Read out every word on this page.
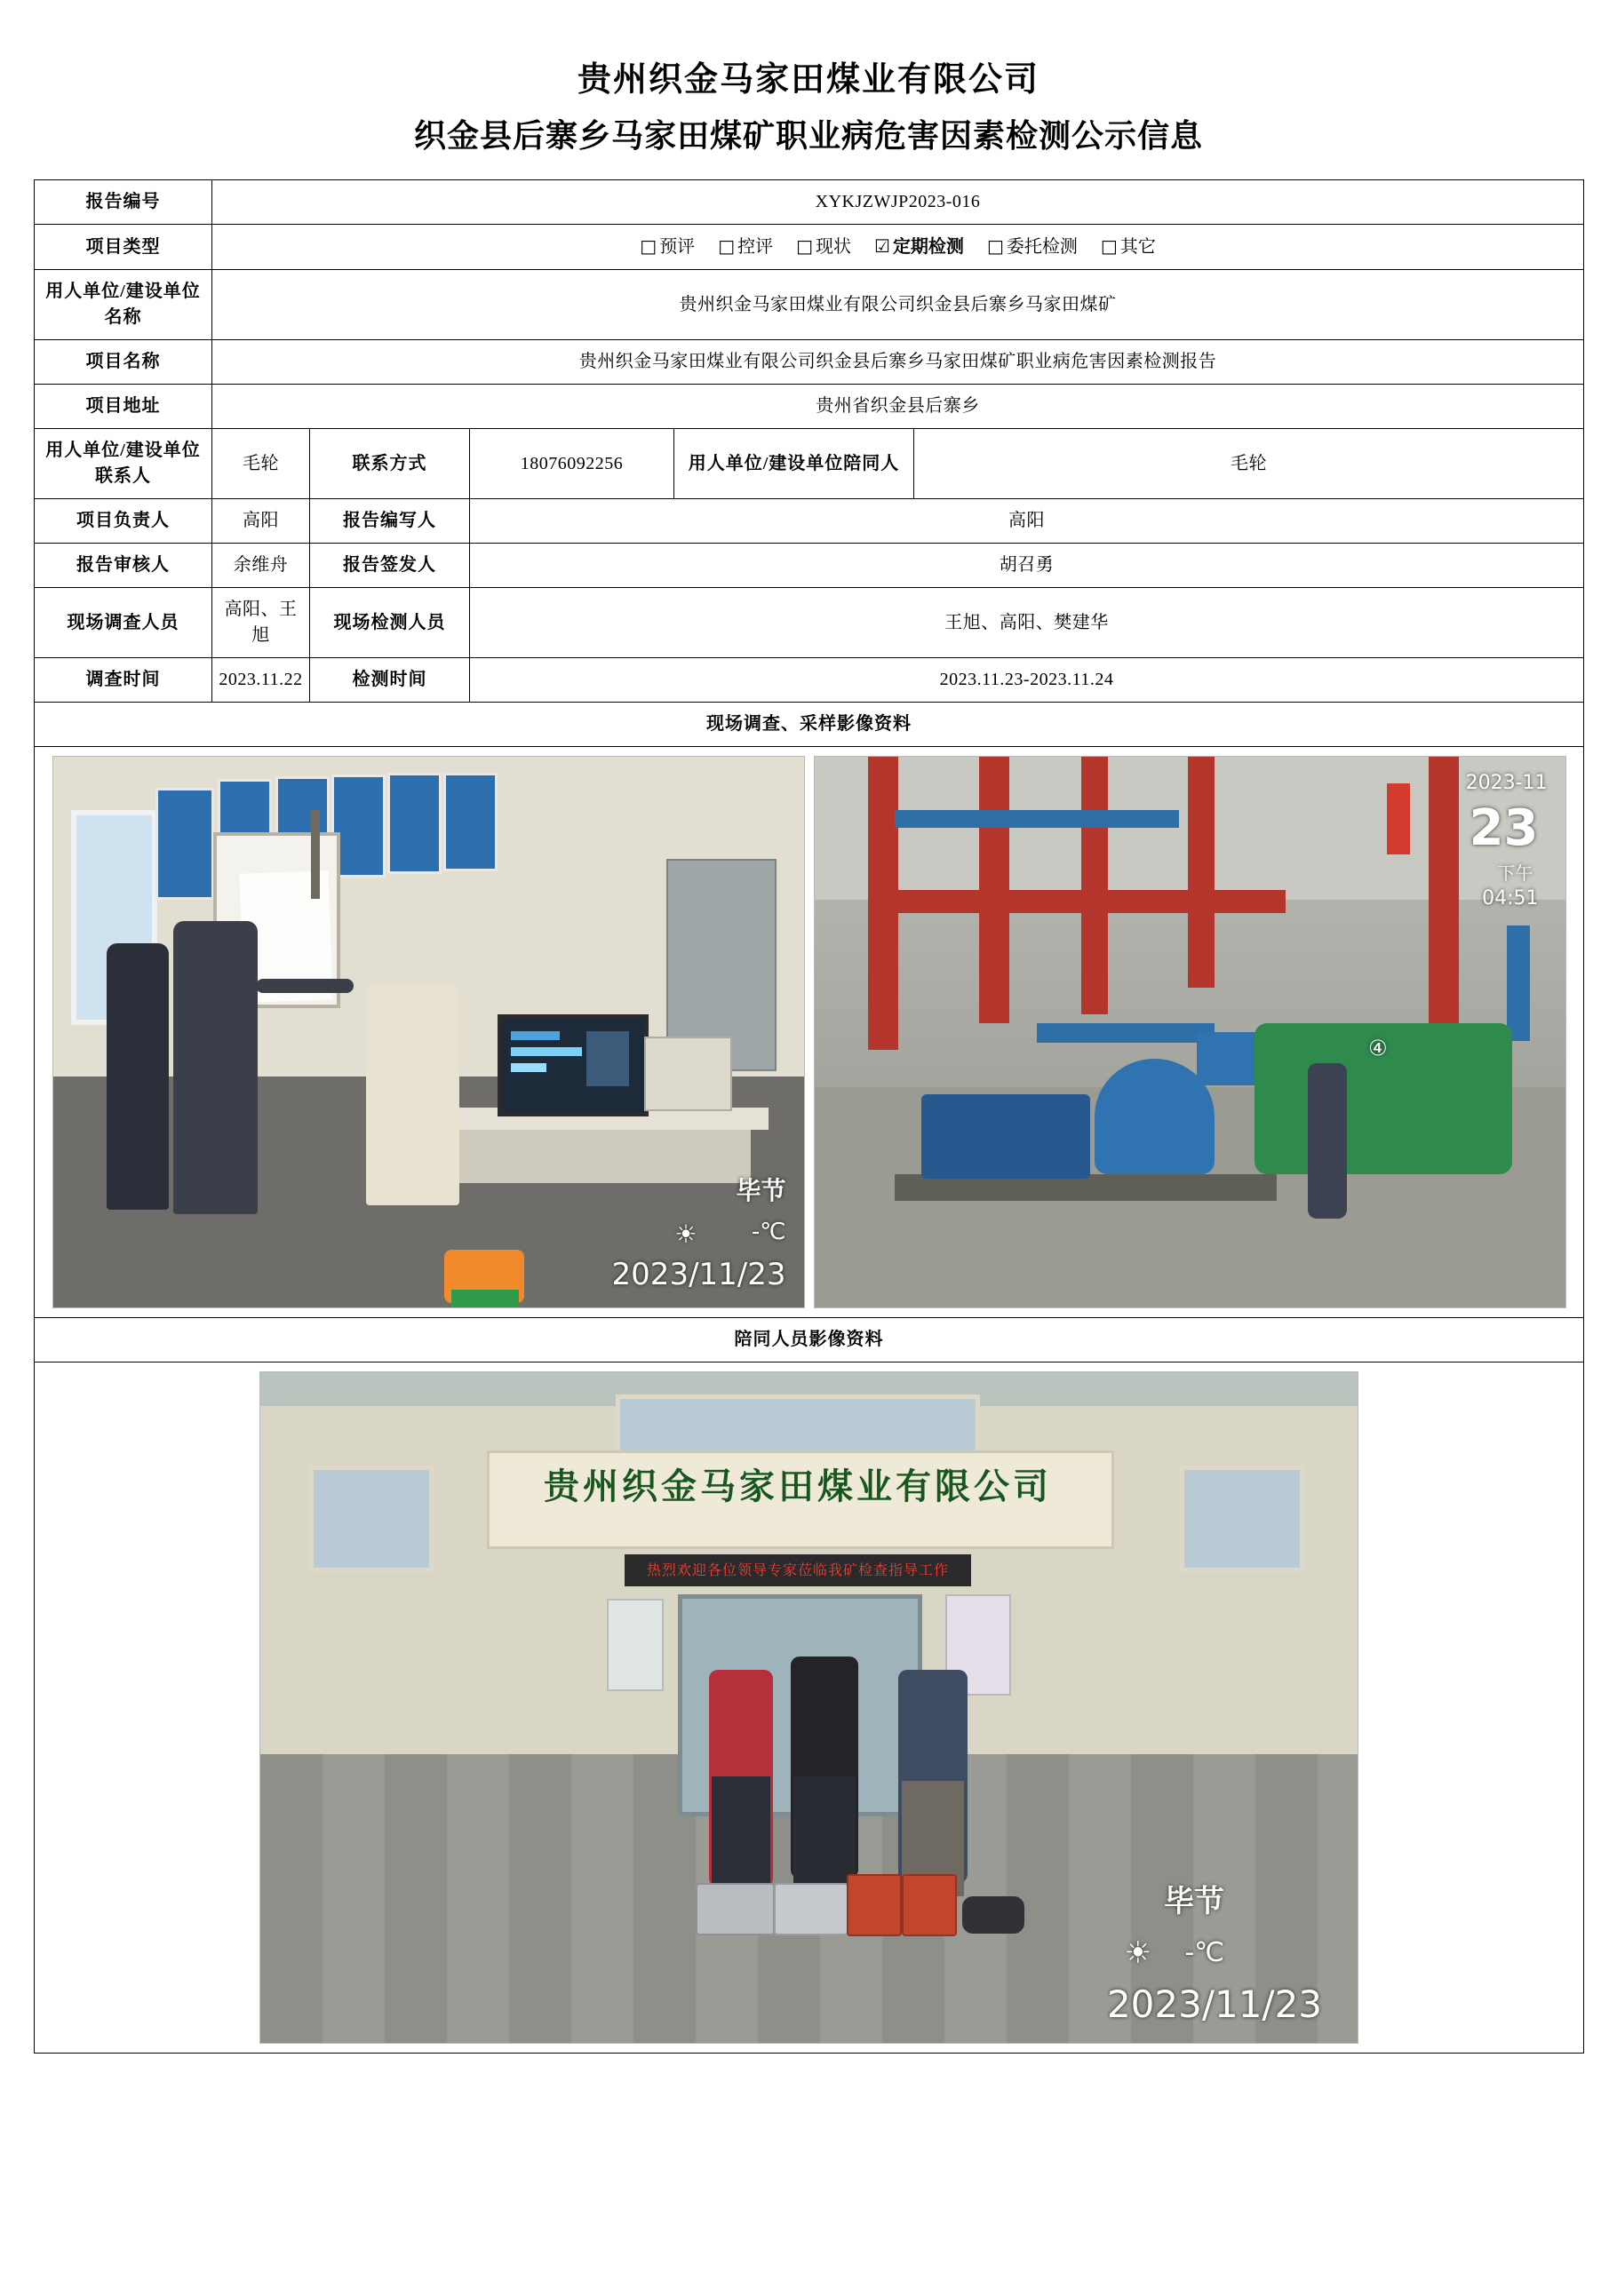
贵州织金马家田煤业有限公司
织金县后寨乡马家田煤矿职业病危害因素检测公示信息
报告编号	XYKJZWJP2023-016				
项目类型	□ 预评 □ 控评 □ 现状 ☑ 定期检测 □ 委托检测 □ 其它

用人单位/建设单位名称	贵州织金马家田煤业有限公司织金县后寨乡马家田煤矿				
项目名称	贵州织金马家田煤业有限公司织金县后寨乡马家田煤矿职业病危害因素检测报告				
项目地址	贵州省织金县后寨乡				
用人单位/建设单位联系人	毛轮	联系方式	18076092256	用人单位/建设单位陪同人	毛轮
项目负责人	高阳	报告编写人	高阳		
报告审核人	余维舟	报告签发人	胡召勇		
现场调查人员	高阳、王旭	现场检测人员	王旭、高阳、樊建华		
调查时间	2023.11.22	检测时间	2023.11.23-2023.11.24		
现场调查、采样影像资料					

毕节
-℃
2023/11/23
☀
④
2023-11
23
下午
04:51

陪同人员影像资料					

贵州织金马家田煤业有限公司
热烈欢迎各位领导专家莅临我矿检查指导工作
毕节
☀ -℃
2023/11/23
